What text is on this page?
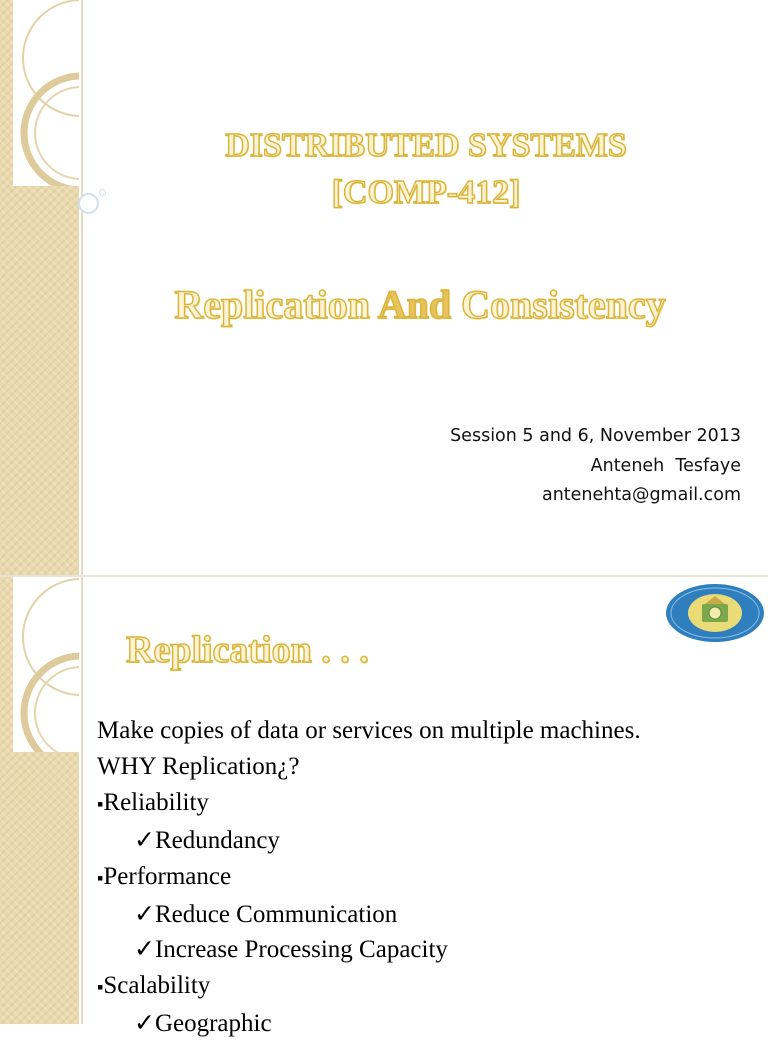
DISTRIBUTED SYSTEMS
[COMP-412]
Replication And Consistency
Session 5 and 6, November 2013
Anteneh  Tesfaye
antenehta@gmail.com
Replication . . .
Make copies of data or services on multiple machines.
WHY Replication¿?
▪Reliability
✓Redundancy
▪Performance
✓Reduce Communication
✓Increase Processing Capacity
▪Scalability
✓Geographic
